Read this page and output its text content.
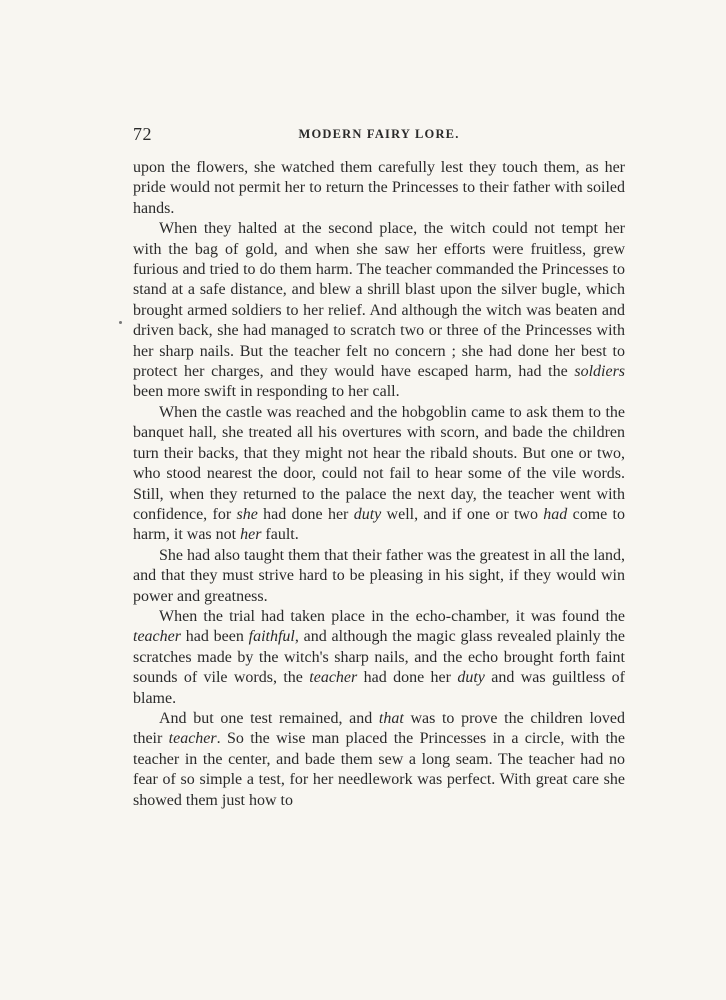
72	MODERN FAIRY LORE.

upon the flowers, she watched them carefully lest they touch them, as her pride would not permit her to return the Princesses to their father with soiled hands.

When they halted at the second place, the witch could not tempt her with the bag of gold, and when she saw her efforts were fruitless, grew furious and tried to do them harm. The teacher commanded the Princesses to stand at a safe distance, and blew a shrill blast upon the silver bugle, which brought armed soldiers to her relief. And although the witch was beaten and driven back, she had managed to scratch two or three of the Princesses with her sharp nails. But the teacher felt no concern ; she had done her best to protect her charges, and they would have escaped harm, had the soldiers been more swift in responding to her call.

When the castle was reached and the hobgoblin came to ask them to the banquet hall, she treated all his overtures with scorn, and bade the children turn their backs, that they might not hear the ribald shouts. But one or two, who stood nearest the door, could not fail to hear some of the vile words. Still, when they returned to the palace the next day, the teacher went with confidence, for she had done her duty well, and if one or two had come to harm, it was not her fault.

She had also taught them that their father was the greatest in all the land, and that they must strive hard to be pleasing in his sight, if they would win power and greatness.

When the trial had taken place in the echo-chamber, it was found the teacher had been faithful, and although the magic glass revealed plainly the scratches made by the witch's sharp nails, and the echo brought forth faint sounds of vile words, the teacher had done her duty and was guiltless of blame.

And but one test remained, and that was to prove the children loved their teacher. So the wise man placed the Princesses in a circle, with the teacher in the center, and bade them sew a long seam. The teacher had no fear of so simple a test, for her needlework was perfect. With great care she showed them just how to
